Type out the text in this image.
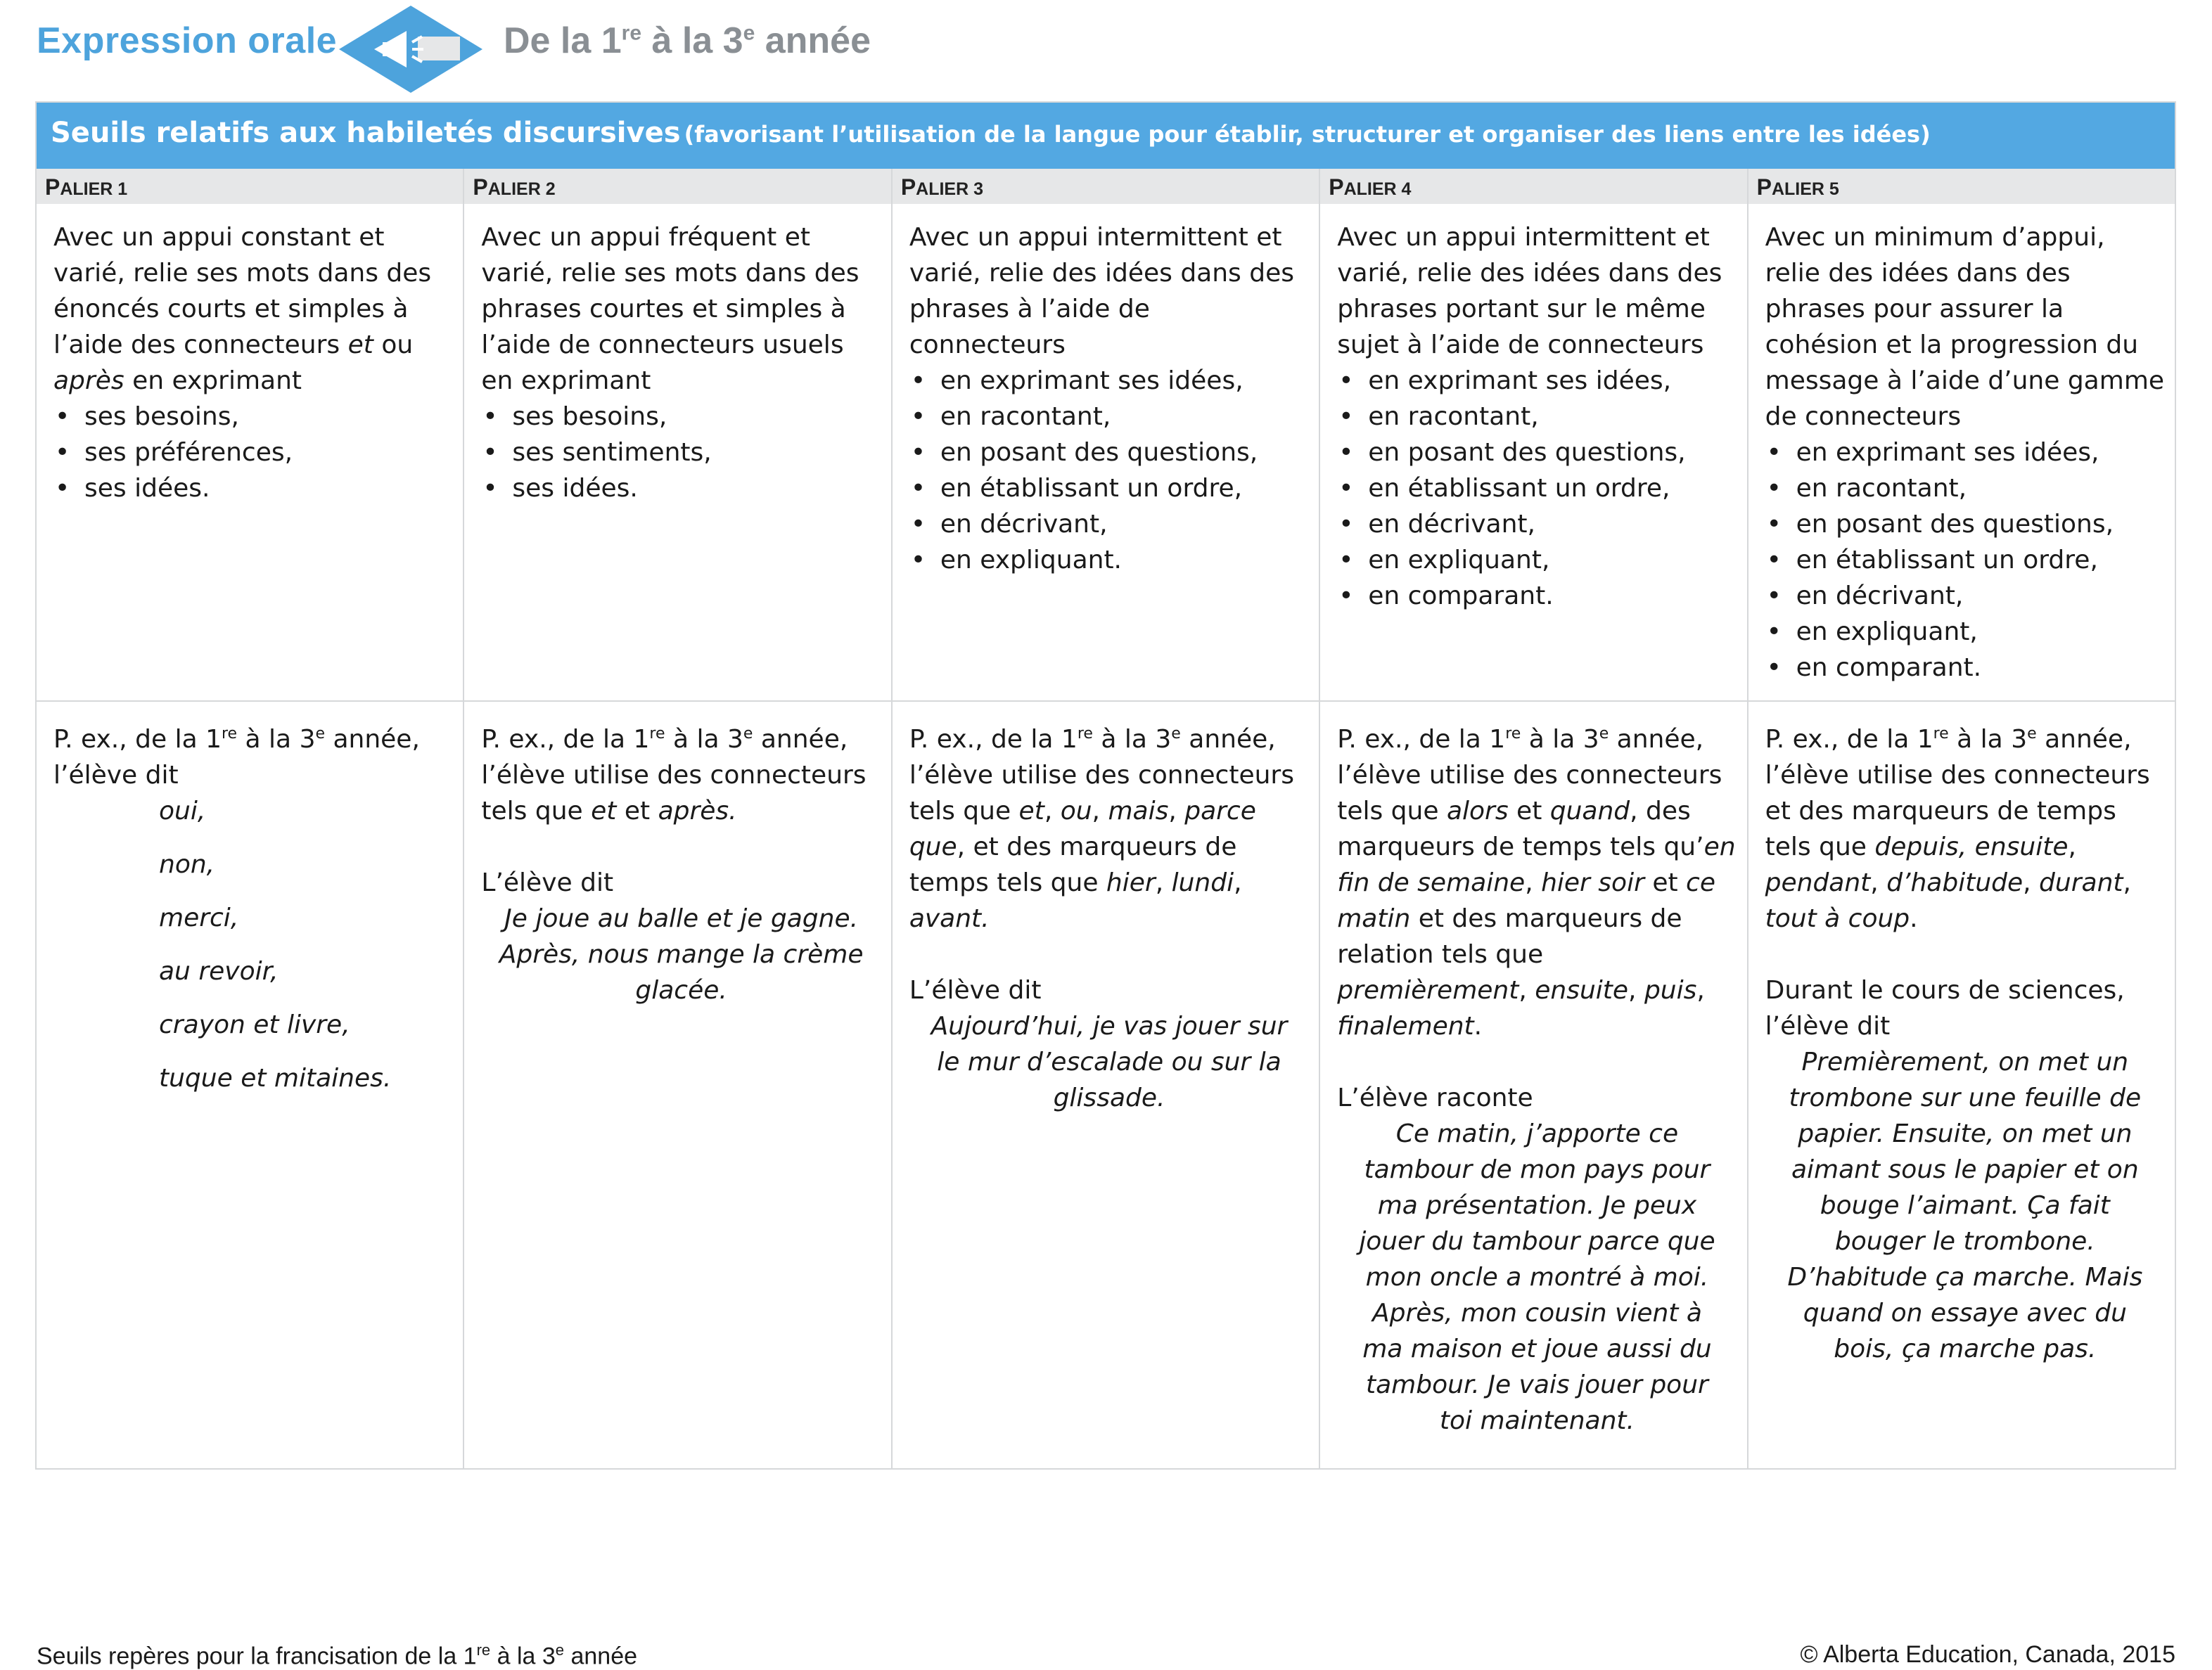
Expression orale	De la 1re à la 3e année
Seuils relatifs aux habiletés discursives (favorisant l’utilisation de la langue pour établir, structurer et organiser des liens entre les idées)
PALIER 1
Avec un appui constant et varié, relie ses mots dans des énoncés courts et simples à l’aide des connecteurs et ou après en exprimant
• ses besoins,
• ses préférences,
• ses idées.
P. ex., de la 1re à la 3e année,
l’élève dit
oui,
non,
merci,
au revoir,
crayon et livre,
tuque et mitaines.
PALIER 2
Avec un appui fréquent et varié, relie ses mots dans des phrases courtes et simples à l’aide de connecteurs usuels en exprimant
• ses besoins,
• ses sentiments,
• ses idées.
P. ex., de la 1re à la 3e année,
l’élève utilise des connecteurs tels que et et après.
L’élève dit
Je joue au balle et je gagne. Après, nous mange la crème glacée.
PALIER 3
Avec un appui intermittent et varié, relie des idées dans des phrases à l’aide de connecteurs
• en exprimant ses idées,
• en racontant,
• en posant des questions,
• en établissant un ordre,
• en décrivant,
• en expliquant.
P. ex., de la 1re à la 3e année,
l’élève utilise des connecteurs tels que et, ou, mais, parce que, et des marqueurs de temps tels que hier, lundi, avant.
L’élève dit
Aujourd’hui, je vas jouer sur le mur d’escalade ou sur la glissade.
PALIER 4
Avec un appui intermittent et varié, relie des idées dans des phrases portant sur le même sujet à l’aide de connecteurs
• en exprimant ses idées,
• en racontant,
• en posant des questions,
• en établissant un ordre,
• en décrivant,
• en expliquant,
• en comparant.
P. ex., de la 1re à la 3e année,
l’élève utilise des connecteurs tels que alors et quand, des marqueurs de temps tels qu’en fin de semaine, hier soir et ce matin et des marqueurs de relation tels que premièrement, ensuite, puis, finalement.
L’élève raconte
Ce matin, j’apporte ce tambour de mon pays pour ma présentation. Je peux jouer du tambour parce que mon oncle a montré à moi. Après, mon cousin vient à ma maison et joue aussi du tambour. Je vais jouer pour toi maintenant.
PALIER 5
Avec un minimum d’appui, relie des idées dans des phrases pour assurer la cohésion et la progression du message à l’aide d’une gamme de connecteurs
• en exprimant ses idées,
• en racontant,
• en posant des questions,
• en établissant un ordre,
• en décrivant,
• en expliquant,
• en comparant.
P. ex., de la 1re à la 3e année,
l’élève utilise des connecteurs et des marqueurs de temps tels que depuis, ensuite, pendant, d’habitude, durant, tout à coup.
Durant le cours de sciences, l’élève dit
Premièrement, on met un trombone sur une feuille de papier. Ensuite, on met un aimant sous le papier et on bouge l’aimant. Ça fait bouger le trombone. D’habitude ça marche. Mais quand on essaye avec du bois, ça marche pas.
Seuils repères pour la francisation de la 1re à la 3e année	© Alberta Education, Canada, 2015
